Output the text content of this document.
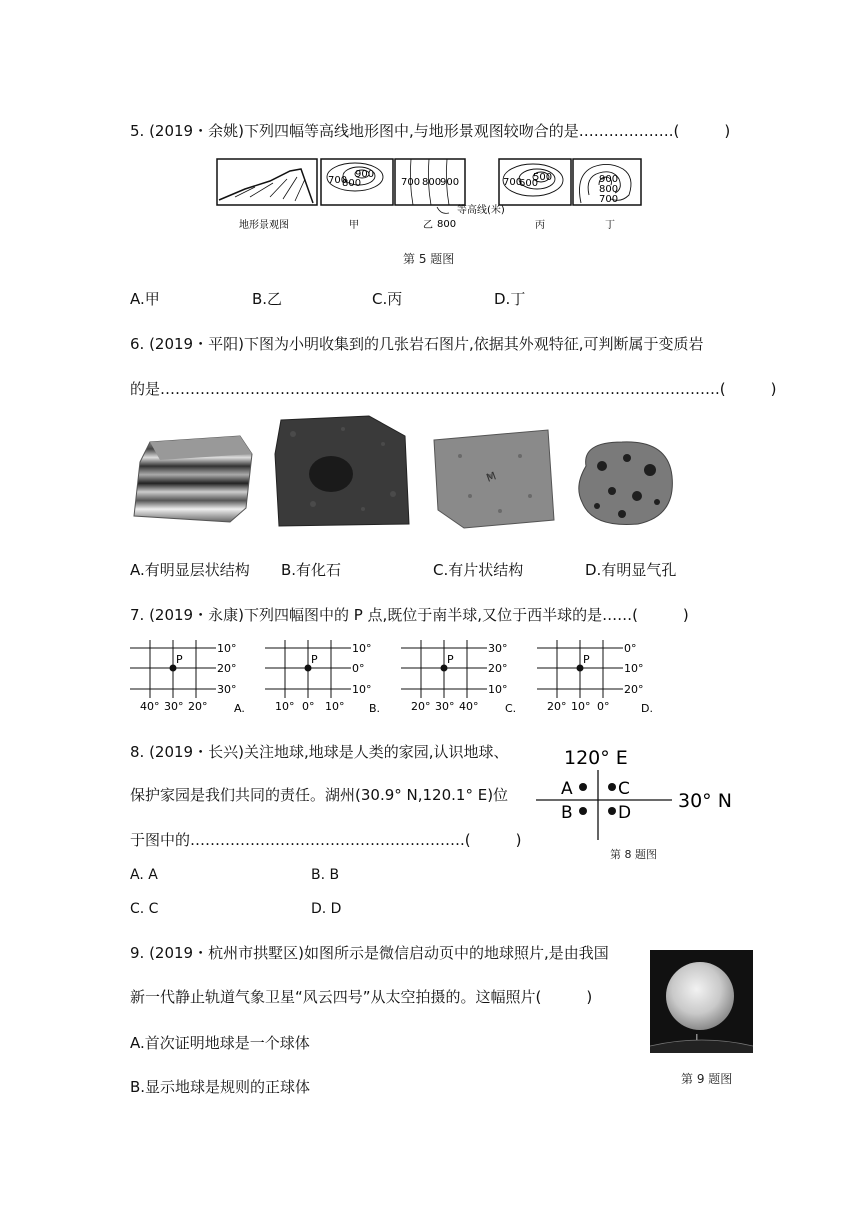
5. (2019・余姚)下列四幅等高线地形图中,与地形景观图较吻合的是……………….(　　　)
700
800
900
700 800
900
800
等高线(米)
700
600
500	900
800
700
地形景观图	甲	乙	丙	丁
第 5 题图
A.甲	B.乙	C.丙	D.丁
6. (2019・平阳)下图为小明收集到的几张岩石图片,依据其外观特征,可判断属于变质岩
的是………………………………………………………………………………………………….(　　　)
M
A.有明显层状结构 B.有化石	C.有片状结构	D.有明显气孔
7. (2019・永康)下列四幅图中的 P 点,既位于南半球,又位于西半球的是……(　　　)
P
10°
20°
30°
40° 30° 20° A.
P
10°
0°
10°
10° 0° 10° B.
P
30°
20°
10°
20° 30° 40° C.
P
0°
10°
20°
20° 10° 0°	D.
8. (2019・长兴)关注地球,地球是人类的家园,认识地球、
保护家园是我们共同的责任。湖州(30.9° N,120.1° E)位
于图中的……………………………………………….(　　　)
120° E
30° N
A	C
B	D
第 8 题图
A. A	B. B
C. C	D. D
9. (2019・杭州市拱墅区)如图所示是微信启动页中的地球照片,是由我国
新一代静止轨道气象卫星“风云四号”从太空拍摄的。这幅照片(　　　)
第 9 题图
A.首次证明地球是一个球体
B.显示地球是规则的正球体
